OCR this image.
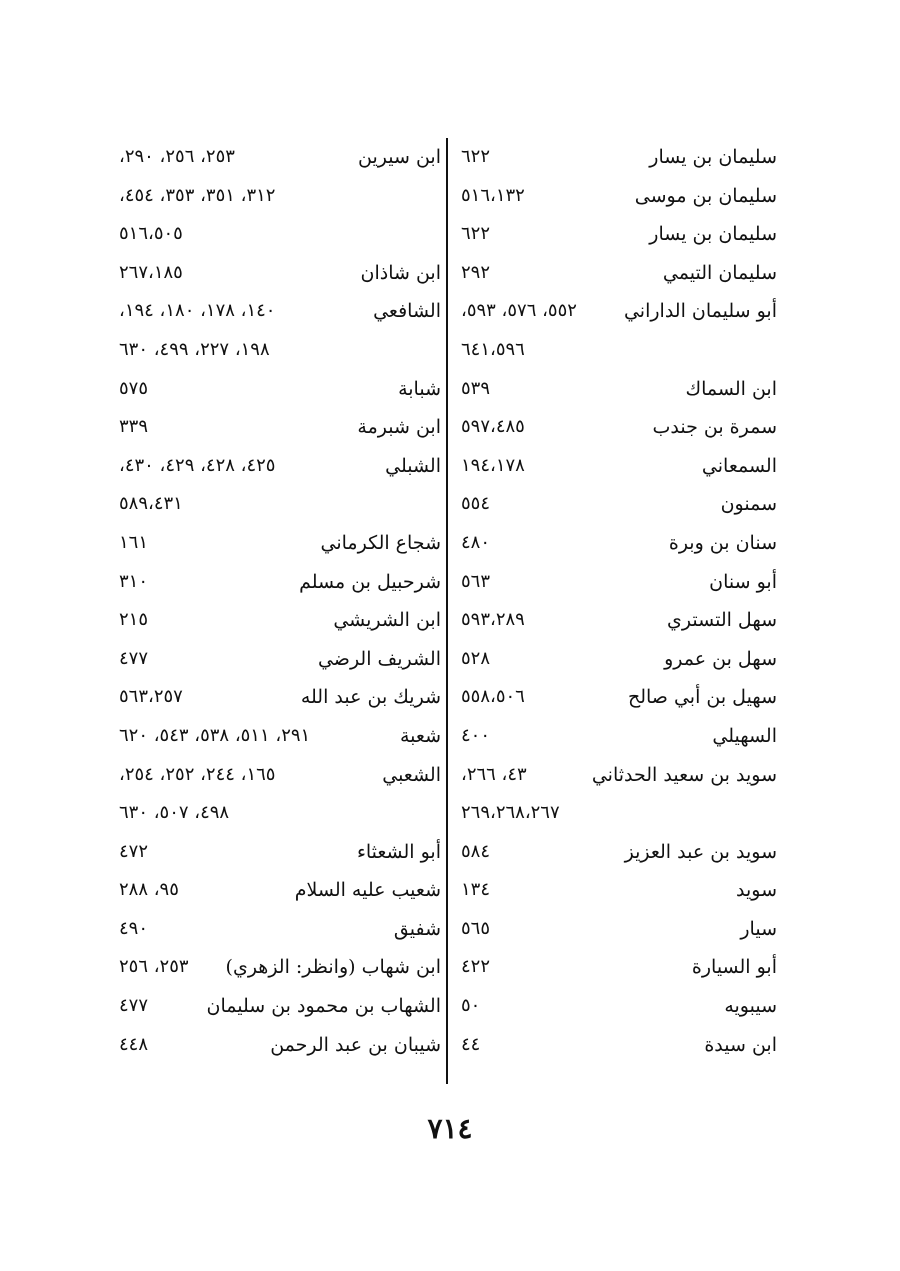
سليمان بن يسار
٦٢٢
سليمان بن موسى
٥١٦،١٣٢
سليمان بن يسار
٦٢٢
سليمان التيمي
٢٩٢
أبو سليمان الداراني
٥٥٢، ٥٧٦، ٥٩٣،
٦٤١،٥٩٦
ابن السماك
٥٣٩
سمرة بن جندب
٥٩٧،٤٨٥
السمعاني
١٩٤،١٧٨
سمنون
٥٥٤
سنان بن وبرة
٤٨٠
أبو سنان
٥٦٣
سهل التستري
٥٩٣،٢٨٩
سهل بن عمرو
٥٢٨
سهيل بن أبي صالح
٥٥٨،٥٠٦
السهيلي
٤٠٠
سويد بن سعيد الحدثاني
٤٣، ٢٦٦،
٢٦٩،٢٦٨،٢٦٧
سويد بن عبد العزيز
٥٨٤
سويد
١٣٤
سيار
٥٦٥
أبو السيارة
٤٢٢
سيبويه
٥٠
ابن سيدة
٤٤
ابن سيرين
٢٥٣، ٢٥٦، ٢٩٠،
٣١٢، ٣٥١، ٣٥٣، ٤٥٤،
٥١٦،٥٠٥
ابن شاذان
٢٦٧،١٨٥
الشافعي
١٤٠، ١٧٨، ١٨٠، ١٩٤،
١٩٨، ٢٢٧، ٤٩٩، ٦٣٠
شبابة
٥٧٥
ابن شبرمة
٣٣٩
الشبلي
٤٢٥، ٤٢٨، ٤٢٩، ٤٣٠،
٥٨٩،٤٣١
شجاع الكرماني
١٦١
شرحبيل بن مسلم
٣١٠
ابن الشريشي
٢١٥
الشريف الرضي
٤٧٧
شريك بن عبد الله
٥٦٣،٢٥٧
شعبة
٢٩١، ٥١١، ٥٣٨، ٥٤٣، ٦٢٠
الشعبي
١٦٥، ٢٤٤، ٢٥٢، ٢٥٤،
٤٩٨، ٥٠٧، ٦٣٠
أبو الشعثاء
٤٧٢
شعيب عليه السلام
٩٥، ٢٨٨
شفيق
٤٩٠
ابن شهاب (وانظر: الزهري)
٢٥٣، ٢٥٦
الشهاب بن محمود بن سليمان
٤٧٧
شيبان بن عبد الرحمن
٤٤٨
٧١٤
